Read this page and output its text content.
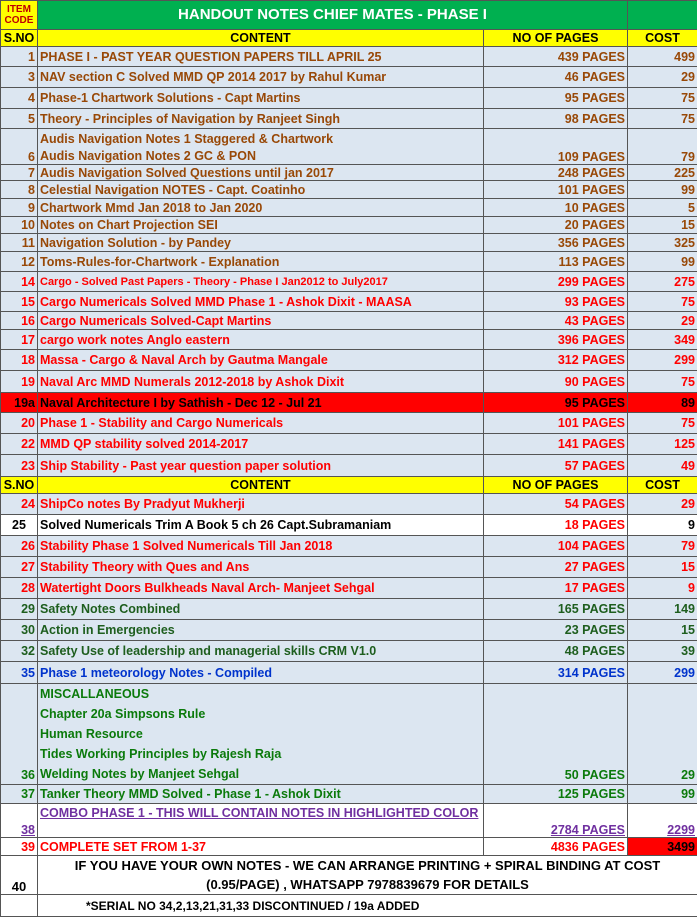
ITEM CODE	HANDOUT NOTES CHIEF MATES - PHASE I		
S.NO	CONTENT	NO OF PAGES	COST
1	PHASE I - PAST YEAR QUESTION PAPERS TILL APRIL 25	439 PAGES	499
3	NAV section C Solved MMD QP 2014 2017 by Rahul Kumar	46 PAGES	29
4	Phase-1 Chartwork Solutions - Capt Martins	95 PAGES	75
5	Theory - Principles of Navigation by Ranjeet Singh	98 PAGES	75
6	Audis Navigation Notes 1 Staggered & Chartwork
Audis Navigation Notes 2 GC & PON	109 PAGES	79
7	Audis Navigation Solved Questions until jan 2017	248 PAGES	225
8	Celestial Navigation NOTES - Capt. Coatinho	101 PAGES	99
9	Chartwork Mmd Jan 2018 to Jan 2020	10 PAGES	5
10	Notes on Chart Projection SEI	20 PAGES	15
11	Navigation Solution - by Pandey	356 PAGES	325
12	Toms-Rules-for-Chartwork - Explanation	113 PAGES	99
14	Cargo - Solved Past Papers - Theory - Phase I Jan2012 to July2017	299 PAGES	275
15	Cargo Numericals Solved MMD Phase 1 - Ashok Dixit - MAASA	93 PAGES	75
16	Cargo Numericals Solved-Capt Martins	43 PAGES	29
17	cargo work notes Anglo eastern	396 PAGES	349
18	Massa - Cargo & Naval Arch by Gautma Mangale	312 PAGES	299
19	Naval Arc MMD Numerals 2012-2018 by Ashok Dixit	90 PAGES	75
19a	Naval Architecture I by Sathish - Dec 12 - Jul 21	95 PAGES	89
20	Phase 1 - Stability and Cargo Numericals	101 PAGES	75
22	MMD QP stability solved 2014-2017	141 PAGES	125
23	Ship Stability - Past year question paper solution	57 PAGES	49
S.NO	CONTENT	NO OF PAGES	COST
24	ShipCo notes By Pradyut Mukherji	54 PAGES	29
25	Solved Numericals Trim A Book 5 ch 26 Capt.Subramaniam	18 PAGES	9
26	Stability Phase 1 Solved Numericals Till Jan 2018	104 PAGES	79
27	Stability Theory with Ques and Ans	27 PAGES	15
28	Watertight Doors Bulkheads Naval Arch- Manjeet Sehgal	17 PAGES	9
29	Safety Notes Combined	165 PAGES	149
30	Action in Emergencies	23 PAGES	15
32	Safety Use of leadership and managerial skills CRM V1.0	48 PAGES	39
35	Phase 1 meteorology Notes - Compiled	314 PAGES	299
36	MISCALLANEOUS
Chapter 20a Simpsons Rule
Human Resource
Tides Working Principles by Rajesh Raja
Welding Notes by Manjeet Sehgal	50 PAGES	29
37	Tanker Theory MMD Solved - Phase 1 - Ashok Dixit	125 PAGES	99
38	COMBO PHASE 1 - THIS WILL CONTAIN NOTES IN HIGHLIGHTED COLOR	2784 PAGES	2299
39	COMPLETE SET FROM 1-37	4836 PAGES	3499
40	IF YOU HAVE YOUR OWN NOTES - WE CAN ARRANGE PRINTING + SPIRAL BINDING AT COST
(0.95/PAGE) , WHATSAPP 7978839679 FOR DETAILS		

	*SERIAL NO 34,2,13,21,31,33 DISCONTINUED / 19a ADDED		
